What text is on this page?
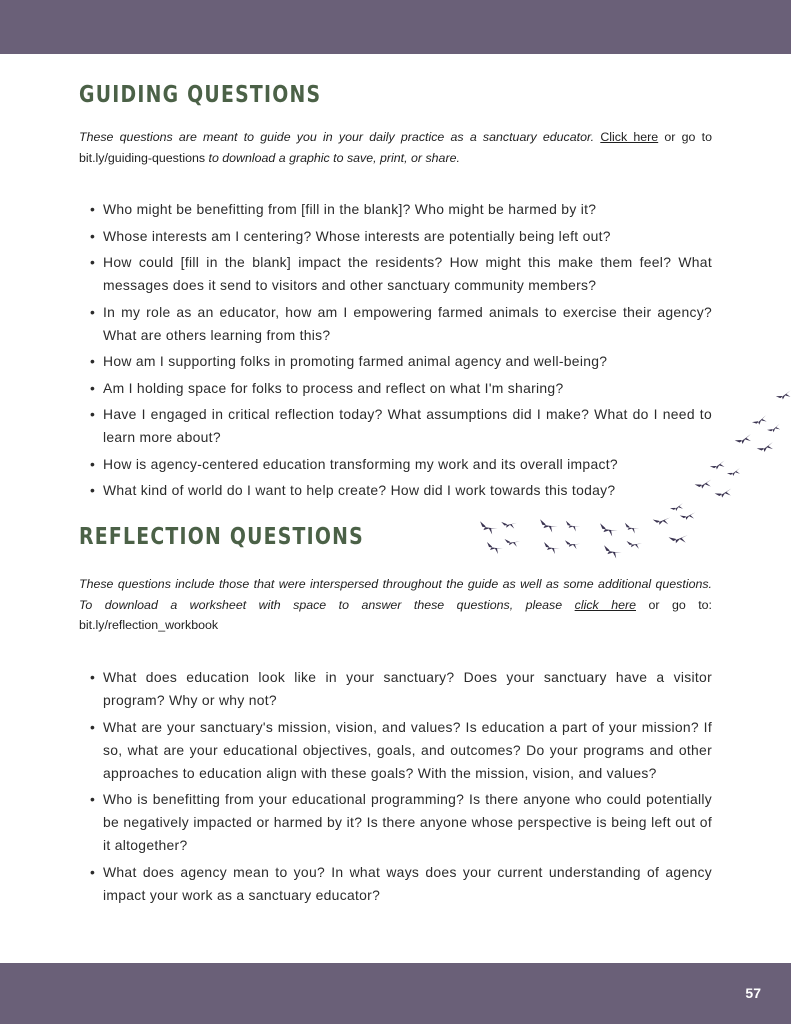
GUIDING QUESTIONS

These questions are meant to guide you in your daily practice as a sanctuary educator. Click here or go to bit.ly/guiding-questions to download a graphic to save, print, or share.

• Who might be benefitting from [fill in the blank]? Who might be harmed by it?
• Whose interests am I centering? Whose interests are potentially being left out?
• How could [fill in the blank] impact the residents? How might this make them feel? What messages does it send to visitors and other sanctuary community members?
• In my role as an educator, how am I empowering farmed animals to exercise their agency? What are others learning from this?
• How am I supporting folks in promoting farmed animal agency and well-being?
• Am I holding space for folks to process and reflect on what I'm sharing?
• Have I engaged in critical reflection today? What assumptions did I make? What do I need to learn more about?
• How is agency-centered education transforming my work and its overall impact?
• What kind of world do I want to help create? How did I work towards this today?
REFLECTION QUESTIONS

These questions include those that were interspersed throughout the guide as well as some additional questions. To download a worksheet with space to answer these questions, please click here or go to: bit.ly/reflection_workbook

• What does education look like in your sanctuary? Does your sanctuary have a visitor program? Why or why not?
• What are your sanctuary's mission, vision, and values? Is education a part of your mission? If so, what are your educational objectives, goals, and outcomes? Do your programs and other approaches to education align with these goals? With the mission, vision, and values?
• Who is benefitting from your educational programming? Is there anyone who could potentially be negatively impacted or harmed by it? Is there anyone whose perspective is being left out of it altogether?
• What does agency mean to you? In what ways does your current understanding of agency impact your work as a sanctuary educator?
57
